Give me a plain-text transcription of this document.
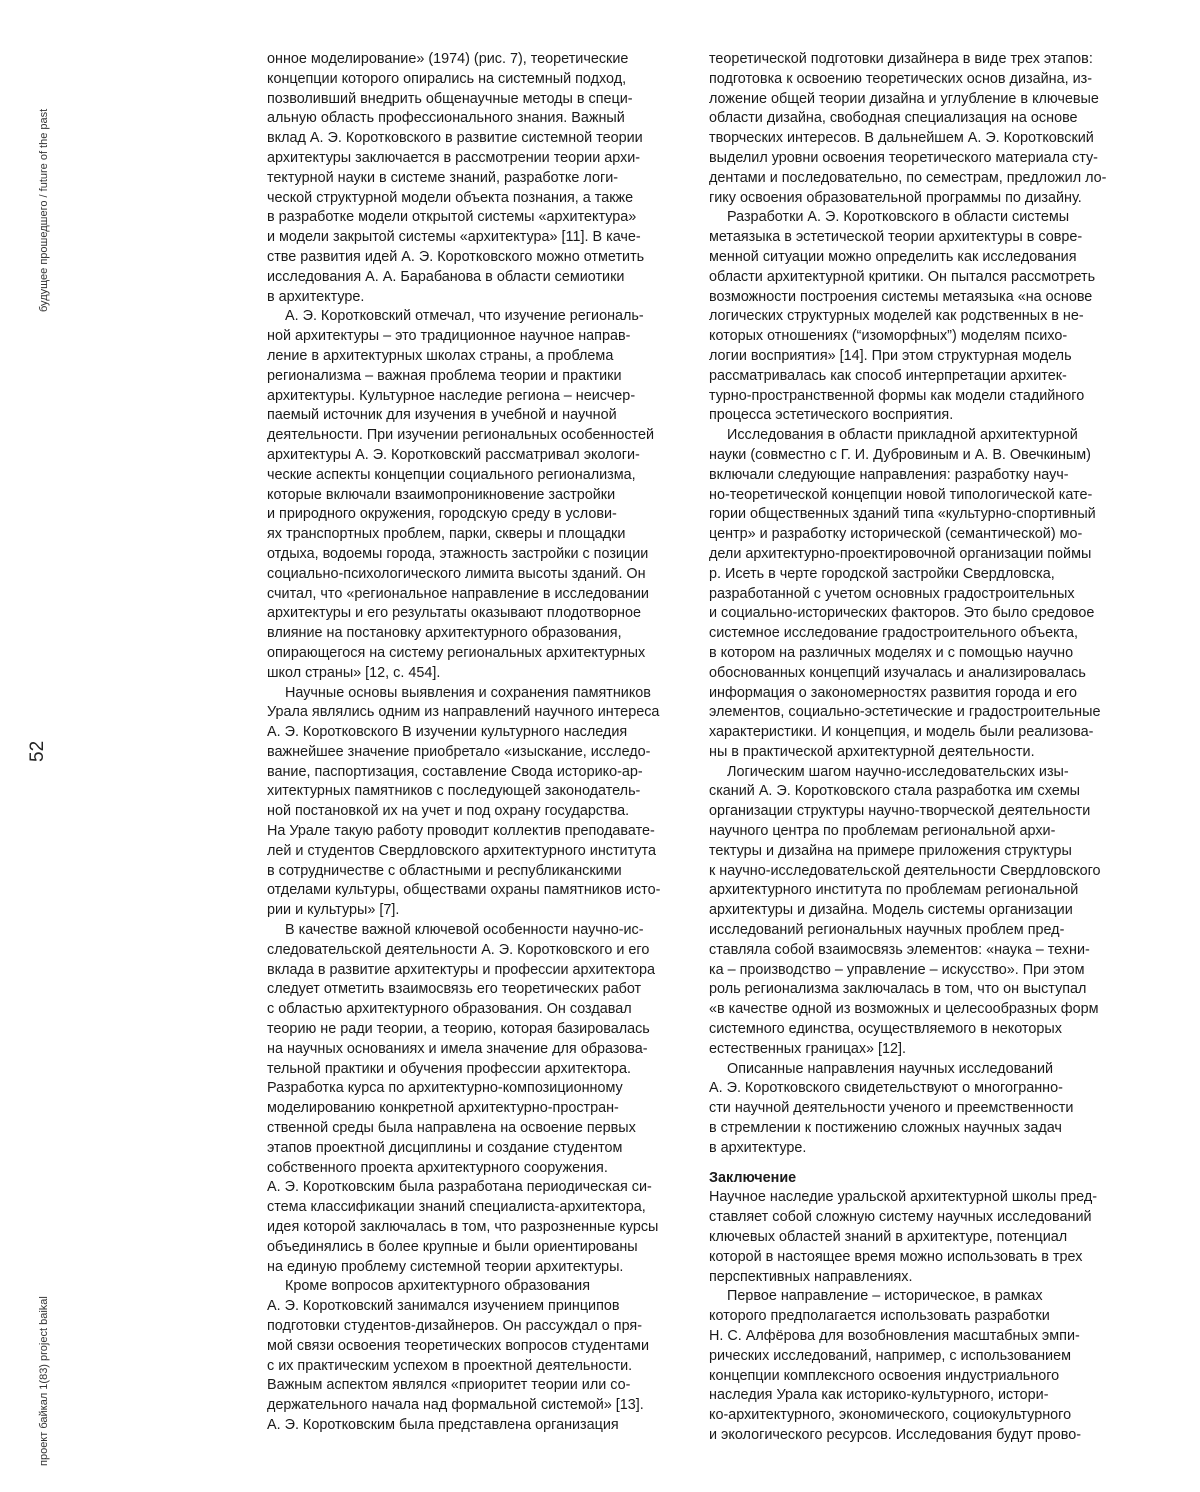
будущее прошедшего / future of the past
52
проект байкал 1(83) project baikal
онное моделирование» (1974) (рис. 7), теоретические
концепции которого опирались на системный подход,
позволивший внедрить общенаучные методы в специ-
альную область профессионального знания. Важный
вклад А. Э. Коротковского в развитие системной теории
архитектуры заключается в рассмотрении теории архи-
тектурной науки в системе знаний, разработке логи-
ческой структурной модели объекта познания, а также
в разработке модели открытой системы «архитектура»
и модели закрытой системы «архитектура» [11]. В каче-
стве развития идей А. Э. Коротковского можно отметить
исследования А. А. Барабанова в области семиотики
в архитектуре.
А. Э. Коротковский отмечал, что изучение региональ-
ной архитектуры – это традиционное научное направ-
ление в архитектурных школах страны, а проблема
регионализма – важная проблема теории и практики
архитектуры. Культурное наследие региона – неисчер-
паемый источник для изучения в учебной и научной
деятельности. При изучении региональных особенностей
архитектуры А. Э. Коротковский рассматривал экологи-
ческие аспекты концепции социального регионализма,
которые включали взаимопроникновение застройки
и природного окружения, городскую среду в услови-
ях транспортных проблем, парки, скверы и площадки
отдыха, водоемы города, этажность застройки с позиции
социально-психологического лимита высоты зданий. Он
считал, что «региональное направление в исследовании
архитектуры и его результаты оказывают плодотворное
влияние на постановку архитектурного образования,
опирающегося на систему региональных архитектурных
школ страны» [12, с. 454].
Научные основы выявления и сохранения памятников
Урала являлись одним из направлений научного интереса
А. Э. Коротковского В изучении культурного наследия
важнейшее значение приобретало «изыскание, исследо-
вание, паспортизация, составление Свода историко-ар-
хитектурных памятников с последующей законодатель-
ной постановкой их на учет и под охрану государства.
На Урале такую работу проводит коллектив преподавате-
лей и студентов Свердловского архитектурного института
в сотрудничестве с областными и республиканскими
отделами культуры, обществами охраны памятников исто-
рии и культуры» [7].
В качестве важной ключевой особенности научно-ис-
следовательской деятельности А. Э. Коротковского и его
вклада в развитие архитектуры и профессии архитектора
следует отметить взаимосвязь его теоретических работ
с областью архитектурного образования. Он создавал
теорию не ради теории, а теорию, которая базировалась
на научных основаниях и имела значение для образова-
тельной практики и обучения профессии архитектора.
Разработка курса по архитектурно-композиционному
моделированию конкретной архитектурно-простран-
ственной среды была направлена на освоение первых
этапов проектной дисциплины и создание студентом
собственного проекта архитектурного сооружения.
А. Э. Коротковским была разработана периодическая си-
стема классификации знаний специалиста-архитектора,
идея которой заключалась в том, что разрозненные курсы
объединялись в более крупные и были ориентированы
на единую проблему системной теории архитектуры.
Кроме вопросов архитектурного образования
А. Э. Коротковский занимался изучением принципов
подготовки студентов-дизайнеров. Он рассуждал о пря-
мой связи освоения теоретических вопросов студентами
с их практическим успехом в проектной деятельности.
Важным аспектом являлся «приоритет теории или со-
держательного начала над формальной системой» [13].
А. Э. Коротковским была представлена организация
теоретической подготовки дизайнера в виде трех этапов:
подготовка к освоению теоретических основ дизайна, из-
ложение общей теории дизайна и углубление в ключевые
области дизайна, свободная специализация на основе
творческих интересов. В дальнейшем А. Э. Коротковский
выделил уровни освоения теоретического материала сту-
дентами и последовательно, по семестрам, предложил ло-
гику освоения образовательной программы по дизайну.
Разработки А. Э. Коротковского в области системы
метаязыка в эстетической теории архитектуры в совре-
менной ситуации можно определить как исследования
области архитектурной критики. Он пытался рассмотреть
возможности построения системы метаязыка «на основе
логических структурных моделей как родственных в не-
которых отношениях (“изоморфных”) моделям психо-
логии восприятия» [14]. При этом структурная модель
рассматривалась как способ интерпретации архитек-
турно-пространственной формы как модели стадийного
процесса эстетического восприятия.
Исследования в области прикладной архитектурной
науки (совместно с Г. И. Дубровиным и А. В. Овечкиным)
включали следующие направления: разработку науч-
но-теоретической концепции новой типологической кате-
гории общественных зданий типа «культурно-спортивный
центр» и разработку исторической (семантической) мо-
дели архитектурно-проектировочной организации поймы
р. Исеть в черте городской застройки Свердловска,
разработанной с учетом основных градостроительных
и социально-исторических факторов. Это было средовое
системное исследование градостроительного объекта,
в котором на различных моделях и с помощью научно
обоснованных концепций изучалась и анализировалась
информация о закономерностях развития города и его
элементов, социально-эстетические и градостроительные
характеристики. И концепция, и модель были реализова-
ны в практической архитектурной деятельности.
Логическим шагом научно-исследовательских изы-
сканий А. Э. Коротковского стала разработка им схемы
организации структуры научно-творческой деятельности
научного центра по проблемам региональной архи-
тектуры и дизайна на примере приложения структуры
к научно-исследовательской деятельности Свердловского
архитектурного института по проблемам региональной
архитектуры и дизайна. Модель системы организации
исследований региональных научных проблем пред-
ставляла собой взаимосвязь элементов: «наука – техни-
ка – производство – управление – искусство». При этом
роль регионализма заключалась в том, что он выступал
«в качестве одной из возможных и целесообразных форм
системного единства, осуществляемого в некоторых
естественных границах» [12].
Описанные направления научных исследований
А. Э. Коротковского свидетельствуют о многогранно-
сти научной деятельности ученого и преемственности
в стремлении к постижению сложных научных задач
в архитектуре.
Заключение
Научное наследие уральской архитектурной школы пред-
ставляет собой сложную систему научных исследований
ключевых областей знаний в архитектуре, потенциал
которой в настоящее время можно использовать в трех
перспективных направлениях.
Первое направление – историческое, в рамках
которого предполагается использовать разработки
Н. С. Алфёрова для возобновления масштабных эмпи-
рических исследований, например, с использованием
концепции комплексного освоения индустриального
наследия Урала как историко-культурного, истори-
ко-архитектурного, экономического, социокультурного
и экологического ресурсов. Исследования будут прово-
